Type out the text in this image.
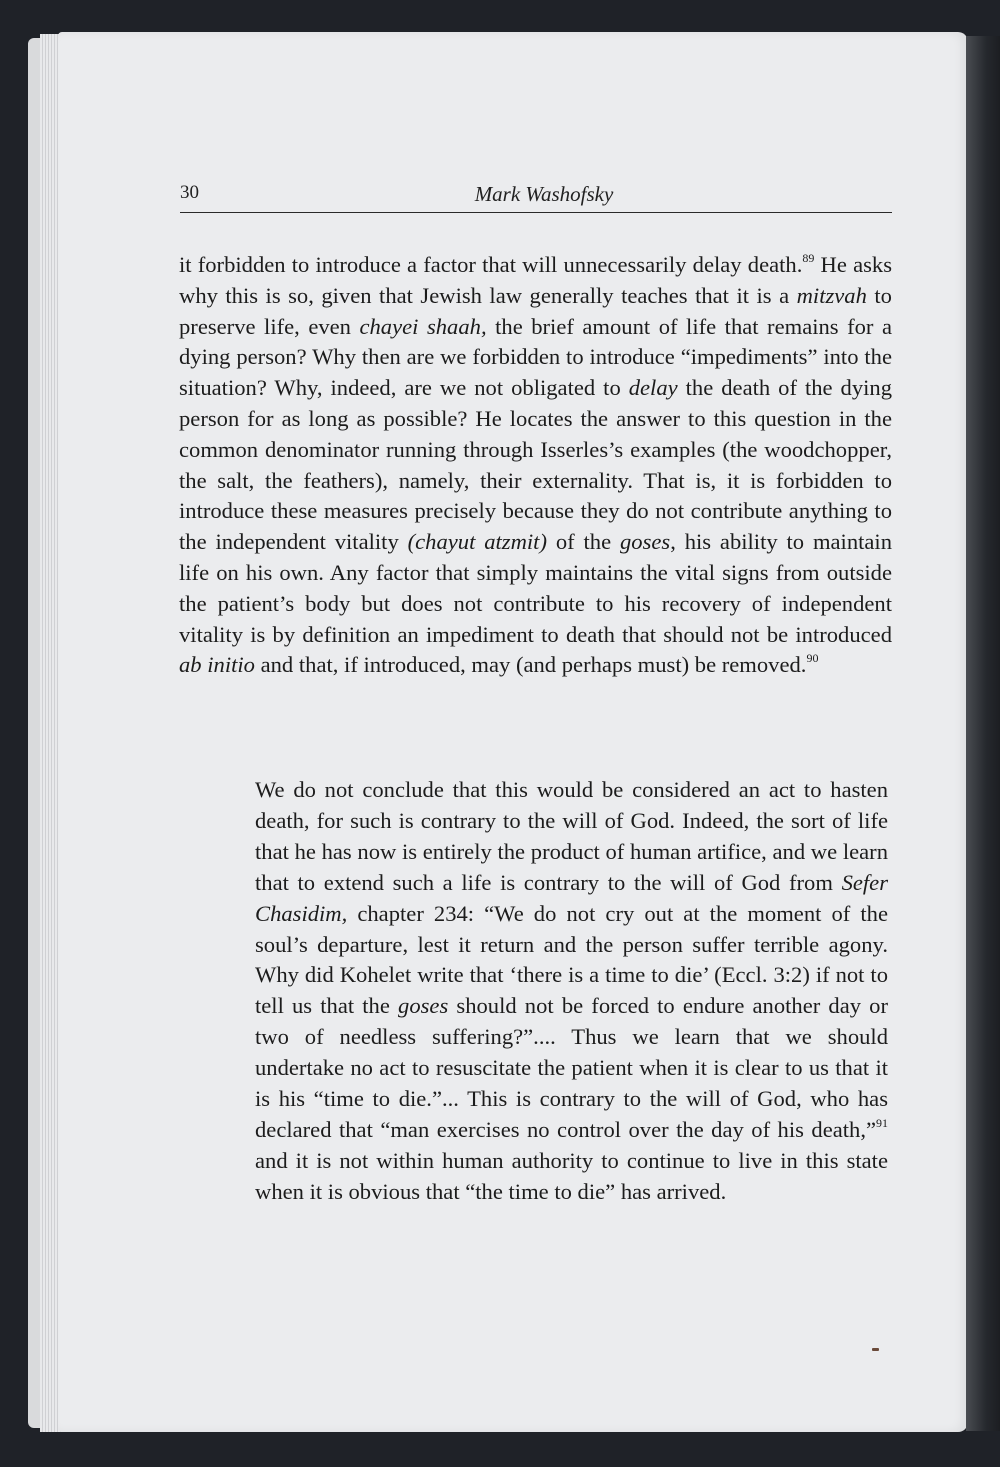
30	Mark Washofsky

it forbidden to introduce a factor that will unnecessarily delay death.$^{89}$ He asks why this is so, given that Jewish law generally teaches that it is a mitzvah to preserve life, even chayei shaah, the brief amount of life that remains for a dying person? Why then are we forbidden to introduce “impediments” into the situation? Why, indeed, are we not obligated to delay the death of the dying person for as long as possible? He locates the answer to this question in the common denominator running through Isserles’s examples (the woodchopper, the salt, the feathers), namely, their externality. That is, it is forbidden to introduce these measures precisely because they do not contribute anything to the independent vitality (chayut atzmit) of the goses, his ability to maintain life on his own. Any factor that simply maintains the vital signs from outside the patient’s body but does not contribute to his recovery of independent vitality is by definition an impediment to death that should not be introduced ab initio and that, if introduced, may (and perhaps must) be removed.$^{90}$

We do not conclude that this would be considered an act to hasten death, for such is contrary to the will of God. Indeed, the sort of life that he has now is entirely the product of human artifice, and we learn that to extend such a life is contrary to the will of God from Sefer Chasidim, chapter 234: “We do not cry out at the moment of the soul’s departure, lest it return and the person suffer terrible agony. Why did Kohelet write that ‘there is a time to die’ (Eccl. 3:2) if not to tell us that the goses should not be forced to endure another day or two of needless suffering?”.... Thus we learn that we should undertake no act to resuscitate the patient when it is clear to us that it is his “time to die.”... This is contrary to the will of God, who has declared that “man exercises no control over the day of his death,”$^{91}$ and it is not within human authority to continue to live in this state when it is obvious that “the time to die” has arrived.
